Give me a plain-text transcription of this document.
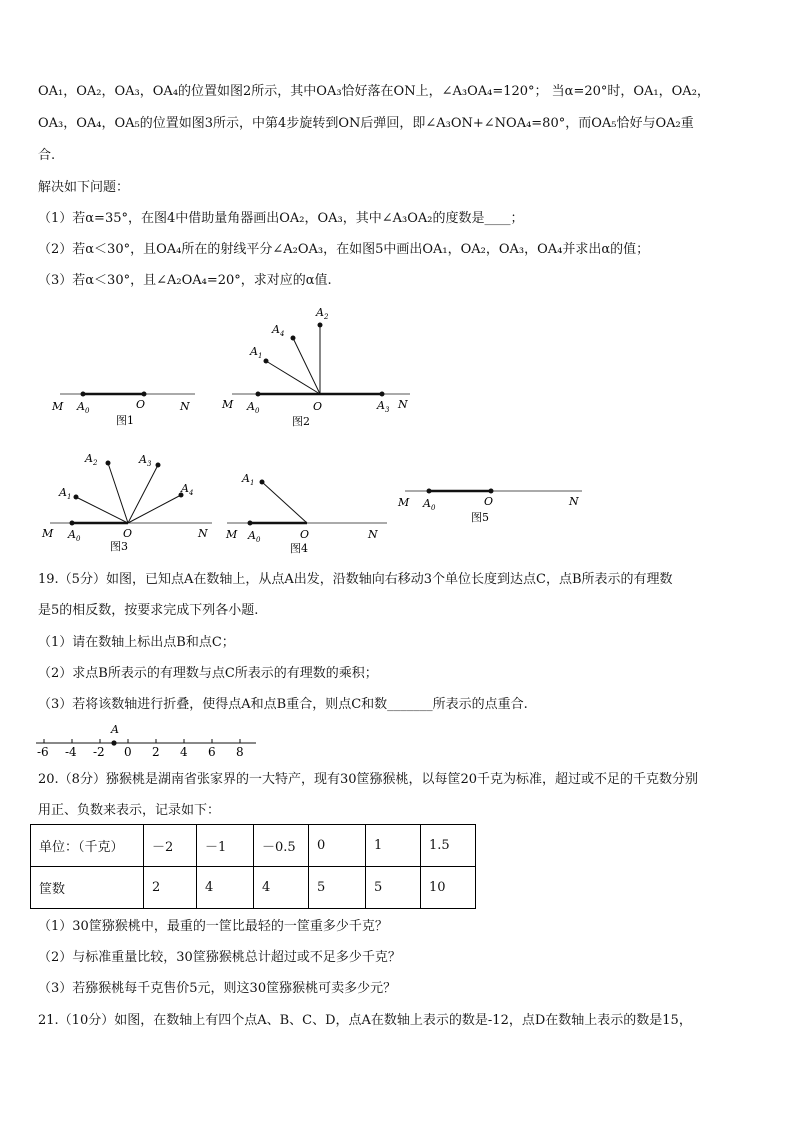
OA₁，OA₂，OA₃，OA₄的位置如图2所示，其中OA₃恰好落在ON上，∠A₃OA₄=120°； 当α=20°时，OA₁，OA₂，
OA₃，OA₄，OA₅的位置如图3所示，中第4步旋转到ON后弹回，即∠A₃ON+∠NOA₄=80°，而OA₅恰好与OA₂重
合.
解决如下问题：
（1）若α=35°，在图4中借助量角器画出OA₂，OA₃，其中∠A₃OA₂的度数是____；
（2）若α＜30°，且OA₄所在的射线平分∠A₂OA₃，在如图5中画出OA₁，OA₂，OA₃，OA₄并求出α的值；
（3）若α＜30°，且∠A₂OA₄=20°，求对应的α值.
M $A_0$	O	N
图1
M $A_0$	O	$A_3$ N
$A_2$
$A_4$
$A_1$
图2
M $A_0$	O	N
$A_1$
$A_2$	$A_3$
$A_4$
图3
M $A_0$	O	N
$A_1$
图4
M $A_0$	O	N
图5
19.（5分）如图，已知点A在数轴上，从点A出发，沿数轴向右移动3个单位长度到达点C，点B所表示的有理数
是5的相反数，按要求完成下列各小题.
（1）请在数轴上标出点B和点C；
（2）求点B所表示的有理数与点C所表示的有理数的乘积；
（3）若将该数轴进行折叠，使得点A和点B重合，则点C和数_______所表示的点重合.
A
-6 -4 -2 0 2 4 6 8
20.（8分）猕猴桃是湖南省张家界的一大特产，现有30筐猕猴桃，以每筐20千克为标准，超过或不足的千克数分别
用正、负数来表示，记录如下：
单位：（千克）	－2	－1	－0.5	0	1	1.5
筐数	2	4	4	5	5	10
（1）30筐猕猴桃中，最重的一筐比最轻的一筐重多少千克？
（2）与标准重量比较，30筐猕猴桃总计超过或不足多少千克？
（3）若猕猴桃每千克售价5元，则这30筐猕猴桃可卖多少元？
21.（10分）如图，在数轴上有四个点A、B、C、D，点A在数轴上表示的数是-12，点D在数轴上表示的数是15，
